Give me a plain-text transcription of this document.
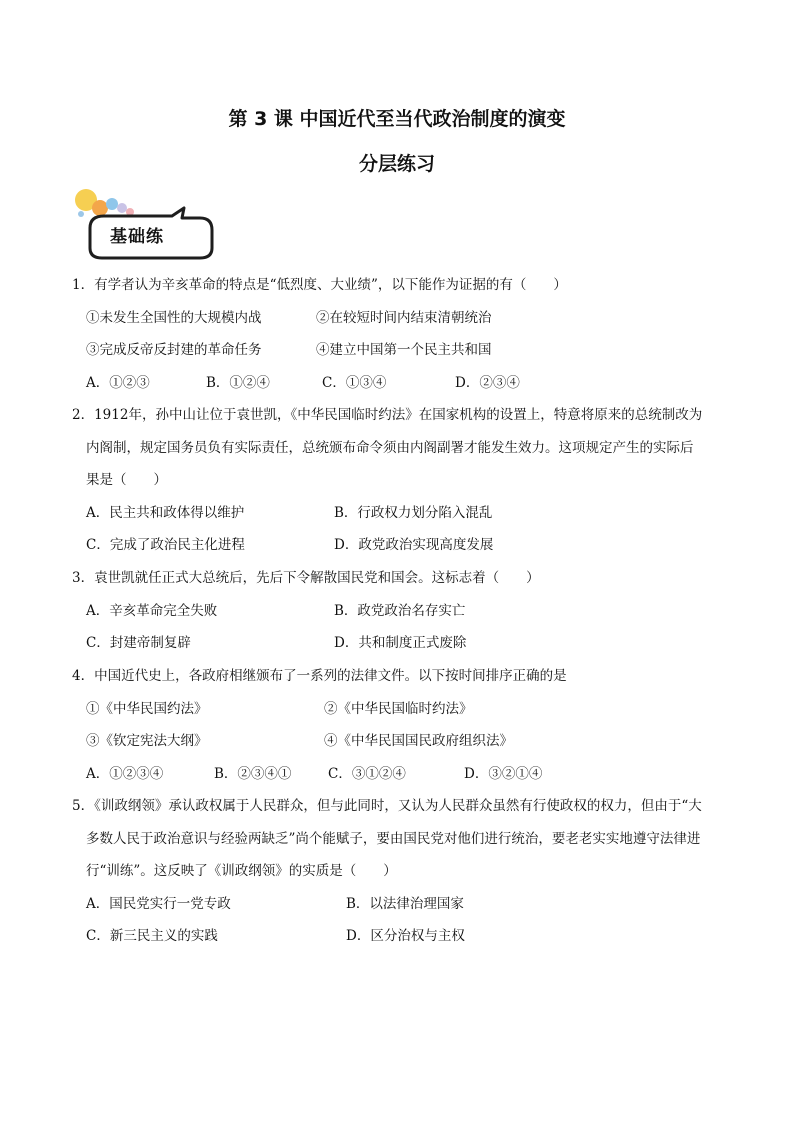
第 3 课 中国近代至当代政治制度的演变
分层练习
基础练
1．有学者认为辛亥革命的特点是“低烈度、大业绩”，以下能作为证据的有（　　）
①未发生全国性的大规模内战	②在较短时间内结束清朝统治
③完成反帝反封建的革命任务	④建立中国第一个民主共和国
A．①②③	B．①②④	C．①③④	D．②③④
2．1912年，孙中山让位于袁世凯，《中华民国临时约法》在国家机构的设置上，特意将原来的总统制改为
内阁制，规定国务员负有实际责任，总统颁布命令须由内阁副署才能发生效力。这项规定产生的实际后
果是（　　）
A．民主共和政体得以维护	B．行政权力划分陷入混乱
C．完成了政治民主化进程	D．政党政治实现高度发展
3．袁世凯就任正式大总统后，先后下令解散国民党和国会。这标志着（　　）
A．辛亥革命完全失败	B．政党政治名存实亡
C．封建帝制复辟	D．共和制度正式废除
4．中国近代史上，各政府相继颁布了一系列的法律文件。以下按时间排序正确的是
①《中华民国约法》	②《中华民国临时约法》
③《钦定宪法大纲》	④《中华民国国民政府组织法》
A．①②③④	B．②③④①	C．③①②④	D．③②①④
5．《训政纲领》承认政权属于人民群众，但与此同时，又认为人民群众虽然有行使政权的权力，但由于“大
多数人民于政治意识与经验两缺乏”尚个能赋子，要由国民党对他们进行统治，要老老实实地遵守法律进
行“训练”。这反映了《训政纲领》的实质是（　　）
A．国民党实行一党专政	B．以法律治理国家
C．新三民主义的实践	D．区分治权与主权
